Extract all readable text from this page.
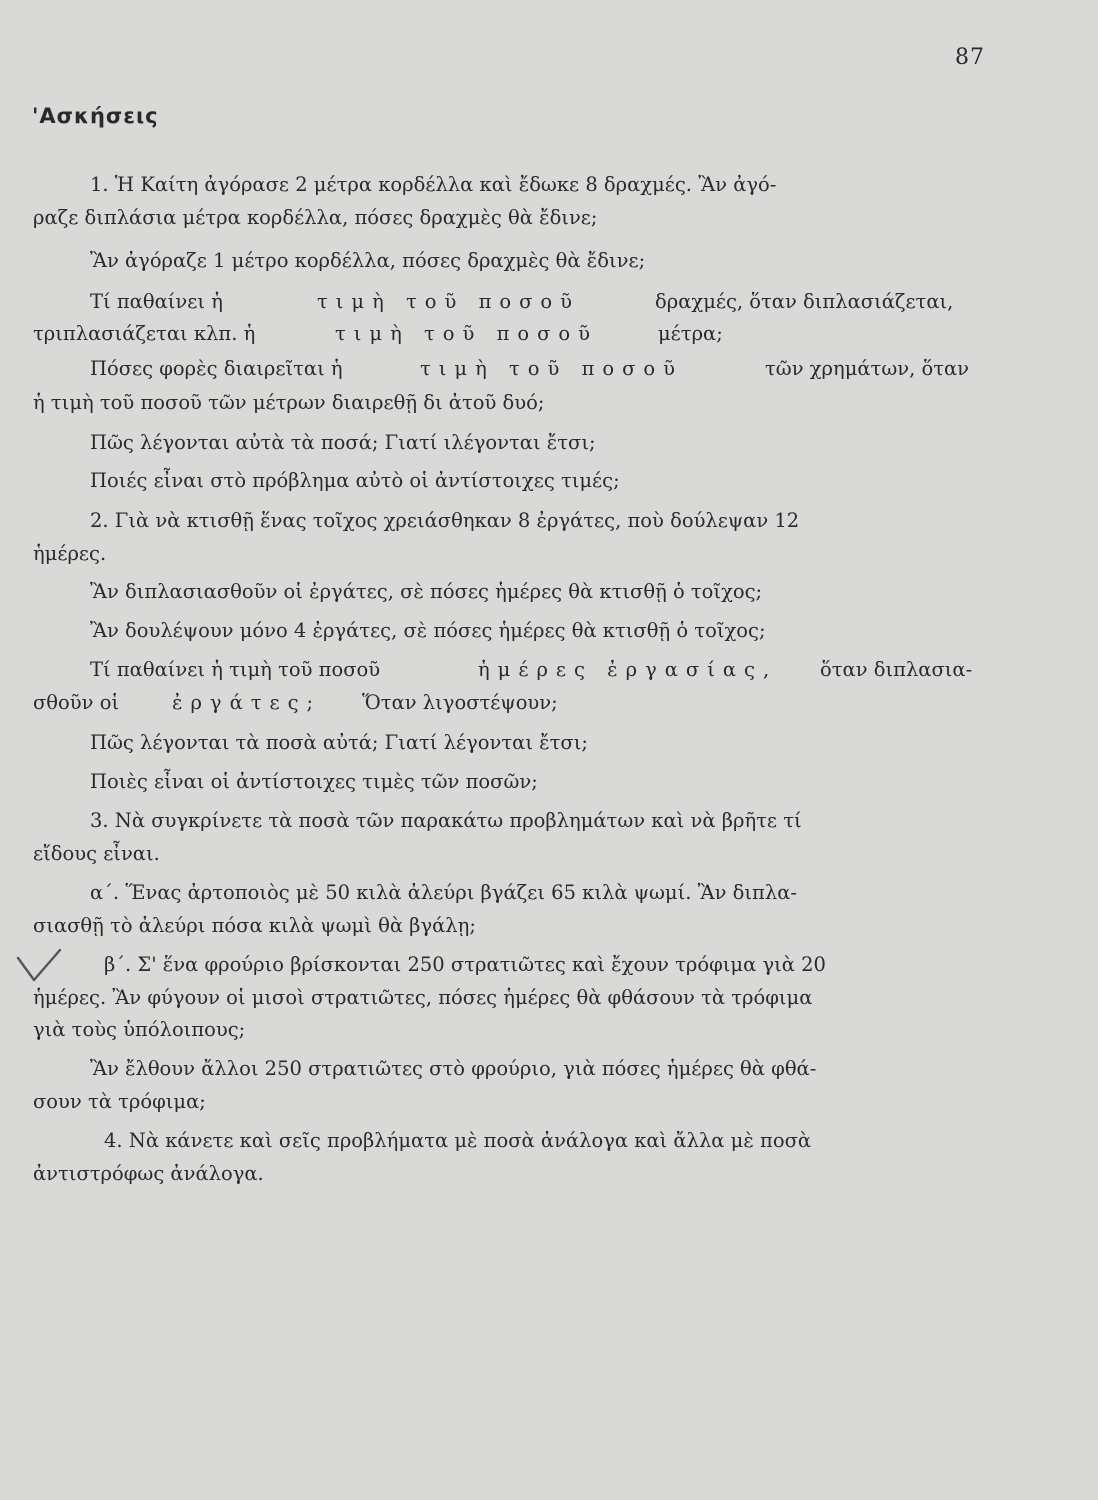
87
'Ασκήσεις
1. Ἡ Καίτη ἀγόρασε 2 μέτρα κορδέλλα καὶ ἔδωκε 8 δραχμές. Ἂν ἀγό-
ραζε διπλάσια μέτρα κορδέλλα, πόσες δραχμὲς θὰ ἔδινε;
Ἂν ἀγόραζε 1 μέτρο κορδέλλα, πόσες δραχμὲς θὰ ἔδινε;
Τί παθαίνει ἡ	τιμὴ τοῦ ποσοῦ	δραχμές, ὅταν διπλασιάζεται,
τριπλασιάζεται κλπ. ἡ	τιμὴ τοῦ ποσοῦ	μέτρα;
Πόσες φορὲς διαιρεῖται ἡ	τιμὴ τοῦ ποσοῦ	τῶν χρημάτων, ὅταν
ἡ τιμὴ τοῦ ποσοῦ τῶν μέτρων διαιρεθῇ δι ἀτοῦ δυό;
Πῶς λέγονται αὐτὰ τὰ ποσά; Γιατί ιλέγονται ἔτσι;
Ποιές εἶναι στὸ πρόβλημα αὐτὸ οἱ ἀντίστοιχες τιμές;
2. Γιὰ νὰ κτισθῇ ἕνας τοῖχος χρειάσθηκαν 8 ἐργάτες, ποὺ δούλεψαν 12
ἡμέρες.
Ἂν διπλασιασθοῦν οἱ ἐργάτες, σὲ πόσες ἡμέρες θὰ κτισθῇ ὁ τοῖχος;
Ἂν δουλέψουν μόνο 4 ἐργάτες, σὲ πόσες ἡμέρες θὰ κτισθῇ ὁ τοῖχος;
Τί παθαίνει ἡ τιμὴ τοῦ ποσοῦ	ἡμέρες ἐργασίας, ὅταν διπλασια-
σθοῦν οἱ	ἐργάτες; Ὅταν λιγοστέψουν;
Πῶς λέγονται τὰ ποσὰ αὐτά; Γιατί λέγονται ἔτσι;
Ποιὲς εἶναι οἱ ἀντίστοιχες τιμὲς τῶν ποσῶν;
3. Νὰ συγκρίνετε τὰ ποσὰ τῶν παρακάτω προβλημάτων καὶ νὰ βρῆτε τί
εἴδους εἶναι.
α΄. Ἕνας ἀρτοποιὸς μὲ 50 κιλὰ ἀλεύρι βγάζει 65 κιλὰ ψωμί. Ἂν διπλα-
σιασθῇ τὸ ἀλεύρι πόσα κιλὰ ψωμὶ θὰ βγάλῃ;
β΄. Σ' ἕνα φρούριο βρίσκονται 250 στρατιῶτες καὶ ἔχουν τρόφιμα γιὰ 20
ἡμέρες. Ἂν φύγουν οἱ μισοὶ στρατιῶτες, πόσες ἡμέρες θὰ φθάσουν τὰ τρόφιμα
γιὰ τοὺς ὑπόλοιπους;
Ἂν ἔλθουν ἄλλοι 250 στρατιῶτες στὸ φρούριο, γιὰ πόσες ἡμέρες θὰ φθά-
σουν τὰ τρόφιμα;
4. Νὰ κάνετε καὶ σεῖς προβλήματα μὲ ποσὰ ἀνάλογα καὶ ἄλλα μὲ ποσὰ
ἀντιστρόφως ἀνάλογα.
